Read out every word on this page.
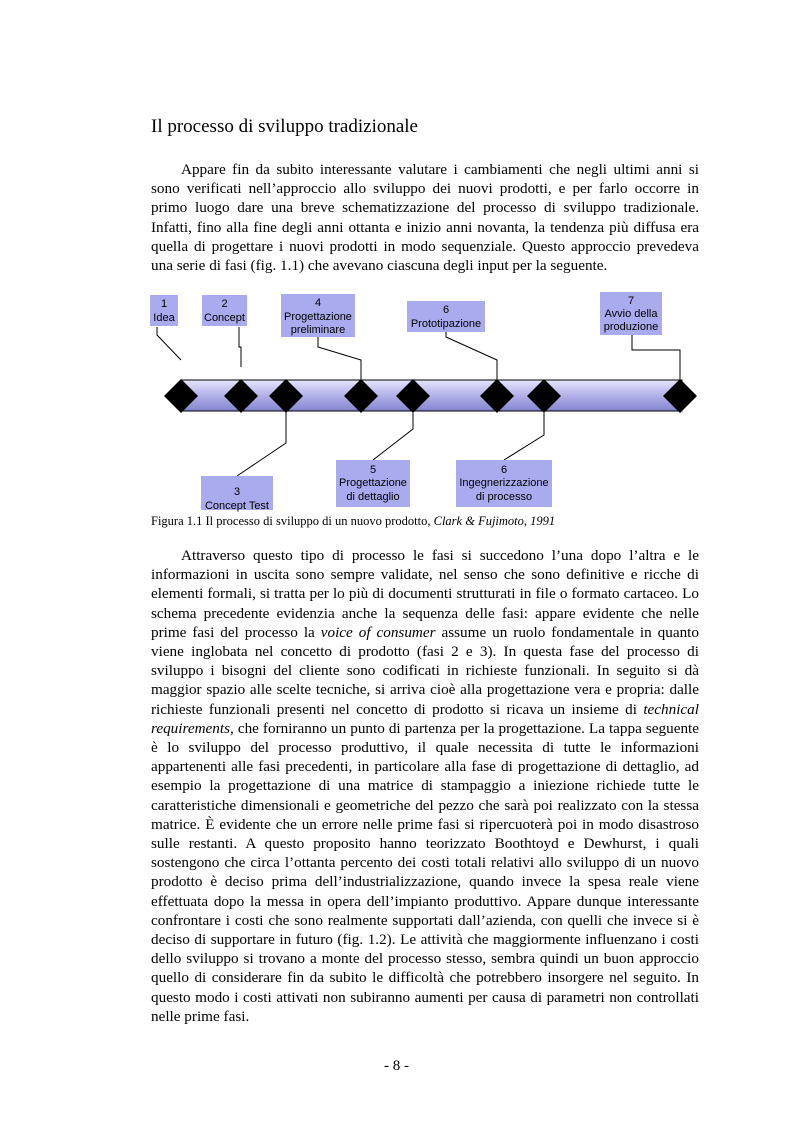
Il processo di sviluppo tradizionale

Appare fin da subito interessante valutare i cambiamenti che negli ultimi anni si sono verificati nell’approccio allo sviluppo dei nuovi prodotti, e per farlo occorre in primo luogo dare una breve schematizzazione del processo di sviluppo tradizionale. Infatti, fino alla fine degli anni ottanta e inizio anni novanta, la tendenza più diffusa era quella di progettare i nuovi prodotti in modo sequenziale. Questo approccio prevedeva una serie di fasi (fig. 1.1) che avevano ciascuna degli input per la seguente.

1
Idea
2
Concept
4
Progettazione
preliminare
6
Prototipazione
7
Avvio della
produzione
3
Concept Test
5
Progettazione
di dettaglio
6
Ingegnerizzazione
di processo

Figura 1.1 Il processo di sviluppo di un nuovo prodotto, Clark & Fujimoto, 1991

Attraverso questo tipo di processo le fasi si succedono l’una dopo l’altra e le informazioni in uscita sono sempre validate, nel senso che sono definitive e ricche di elementi formali, si tratta per lo più di documenti strutturati in file o formato cartaceo. Lo schema precedente evidenzia anche la sequenza delle fasi: appare evidente che nelle prime fasi del processo la voice of consumer assume un ruolo fondamentale in quanto viene inglobata nel concetto di prodotto (fasi 2 e 3). In questa fase del processo di sviluppo i bisogni del cliente sono codificati in richieste funzionali. In seguito si dà maggior spazio alle scelte tecniche, si arriva cioè alla progettazione vera e propria: dalle richieste funzionali presenti nel concetto di prodotto si ricava un insieme di technical requirements, che forniranno un punto di partenza per la progettazione. La tappa seguente è lo sviluppo del processo produttivo, il quale necessita di tutte le informazioni appartenenti alle fasi precedenti, in particolare alla fase di progettazione di dettaglio, ad esempio la progettazione di una matrice di stampaggio a iniezione richiede tutte le caratteristiche dimensionali e geometriche del pezzo che sarà poi realizzato con la stessa matrice. È evidente che un errore nelle prime fasi si ripercuoterà poi in modo disastroso sulle restanti. A questo proposito hanno teorizzato Boothtoyd e Dewhurst, i quali sostengono che circa l’ottanta percento dei costi totali relativi allo sviluppo di un nuovo prodotto è deciso prima dell’industrializzazione, quando invece la spesa reale viene effettuata dopo la messa in opera dell’impianto produttivo. Appare dunque interessante confrontare i costi che sono realmente supportati dall’azienda, con quelli che invece si è deciso di supportare in futuro (fig. 1.2). Le attività che maggiormente influenzano i costi dello sviluppo si trovano a monte del processo stesso, sembra quindi un buon approccio quello di considerare fin da subito le difficoltà che potrebbero insorgere nel seguito. In questo modo i costi attivati non subiranno aumenti per causa di parametri non controllati nelle prime fasi.

- 8 -
